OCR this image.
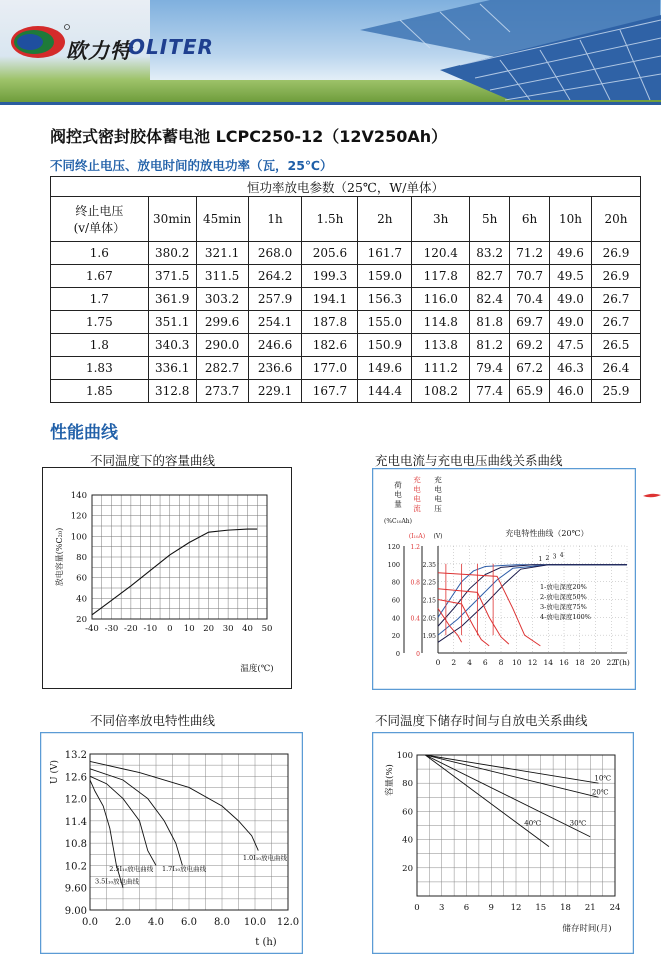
欧力特
OLITER
阀控式密封胶体蓄电池 LCPC250-12（12V250Ah）
不同终止电压、放电时间的放电功率（瓦，25℃）
恒功率放电参数（25℃，W/单体）										

终止电压
(v/单体）	30min	45min	1h	1.5h	2h	3h	5h	6h	10h	20h
1.6	380.2	321.1	268.0	205.6	161.7	120.4	83.2	71.2	49.6	26.9
1.67	371.5	311.5	264.2	199.3	159.0	117.8	82.7	70.7	49.5	26.9
1.7	361.9	303.2	257.9	194.1	156.3	116.0	82.4	70.4	49.0	26.7
1.75	351.1	299.6	254.1	187.8	155.0	114.8	81.8	69.7	49.0	26.7
1.8	340.3	290.0	246.6	182.6	150.9	113.8	81.2	69.2	47.5	26.5
1.83	336.1	282.7	236.6	177.0	149.6	111.2	79.4	67.2	46.3	26.4
1.85	312.8	273.7	229.1	167.7	144.4	108.2	77.4	65.9	46.0	25.9
性能曲线
不同温度下的容量曲线
-40 -30 -20 -10 0 10 20 30 40 50
20
40
60
80
100
120
140
放电容量(%C₂₀)
温度(℃)
充电电流与充电电压曲线关系曲线
荷电量
(%C₁₀Ah)
充电电流
(I₁₀A)
充电电压
(V)	充电特性曲线（20℃）
0 2 4 6 8 10 12 14 16 18 20 22
T(h)
0
20
40
60
80
100
120
0
0.4
0.8
1.2
1.95
2.05
2.15
2.25
2.35
1 2 3 4
1-放电深度20%
2-放电深度50%
3-放电深度75%
4-放电深度100%
不同倍率放电特性曲线
0.0 2.0 4.0 6.0 8.0 10.0 12.0
9.00
9.60
10.2
10.8
11.4
12.0
12.6
13.2
U (V)
t (h)
3.5I₁₀放电曲线
2.5I₁₀放电曲线 1.7I₁₀放电曲线
1.0I₁₀放电曲线
不同温度下储存时间与自放电关系曲线
0 3 6 9 12 15 18 21 24
20
40
60
80
100
容量(%)
储存时间(月)
10℃
20℃
30℃
40℃
